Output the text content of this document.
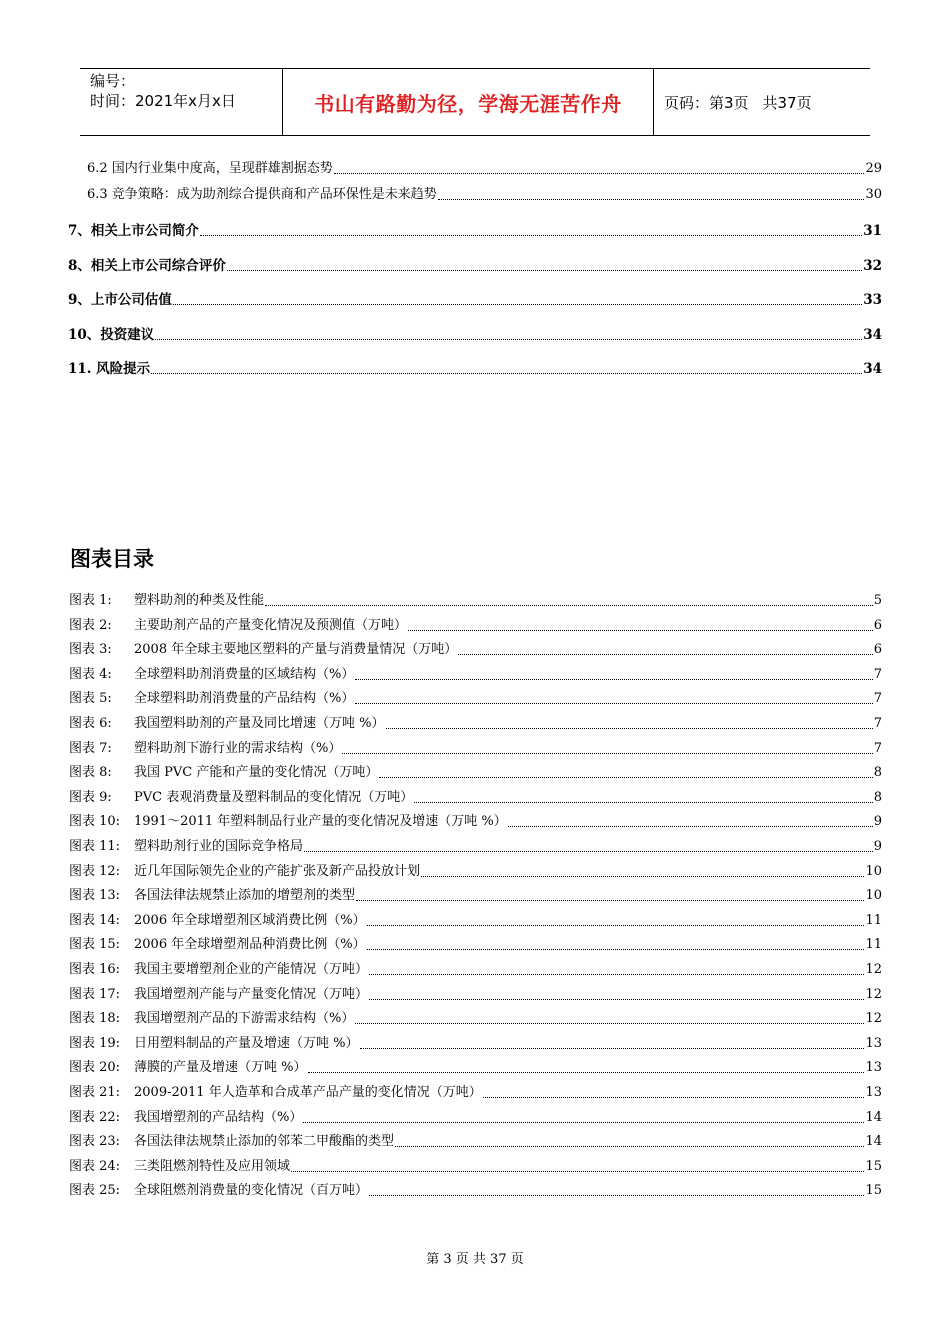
编号：
时间：2021年x月x日	书山有路勤为径，学海无涯苦作舟	页码：第3页 共37页
6.2 国内行业集中度高，呈现群雄割据态势	29
6.3 竞争策略：成为助剂综合提供商和产品环保性是未来趋势	30
7、相关上市公司简介	31
8、相关上市公司综合评价	32
9、上市公司估值	33
10、投资建议	34
11. 风险提示	34
图表目录
图表 1:	塑料助剂的种类及性能	5
图表 2:	主要助剂产品的产量变化情况及预测值（万吨）	6
图表 3:	2008 年全球主要地区塑料的产量与消费量情况（万吨）	6
图表 4:	全球塑料助剂消费量的区域结构（%）	7
图表 5:	全球塑料助剂消费量的产品结构（%）	7
图表 6:	我国塑料助剂的产量及同比增速（万吨 %）	7
图表 7:	塑料助剂下游行业的需求结构（%）	7
图表 8:	我国 PVC 产能和产量的变化情况（万吨）	8
图表 9:	PVC 表观消费量及塑料制品的变化情况（万吨）	8
图表 10:	1991～2011 年塑料制品行业产量的变化情况及增速（万吨 %）	9
图表 11:	塑料助剂行业的国际竞争格局	9
图表 12:	近几年国际领先企业的产能扩张及新产品投放计划	10
图表 13:	各国法律法规禁止添加的增塑剂的类型	10
图表 14:	2006 年全球增塑剂区域消费比例（%）	11
图表 15:	2006 年全球增塑剂品种消费比例（%）	11
图表 16:	我国主要增塑剂企业的产能情况（万吨）	12
图表 17:	我国增塑剂产能与产量变化情况（万吨）	12
图表 18:	我国增塑剂产品的下游需求结构（%）	12
图表 19:	日用塑料制品的产量及增速（万吨 %）	13
图表 20:	薄膜的产量及增速（万吨 %）	13
图表 21:	2009-2011 年人造革和合成革产品产量的变化情况（万吨）	13
图表 22:	我国增塑剂的产品结构（%）	14
图表 23:	各国法律法规禁止添加的邻苯二甲酸酯的类型	14
图表 24:	三类阻燃剂特性及应用领域	15
图表 25:	全球阻燃剂消费量的变化情况（百万吨）	15
第 3 页 共 37 页
